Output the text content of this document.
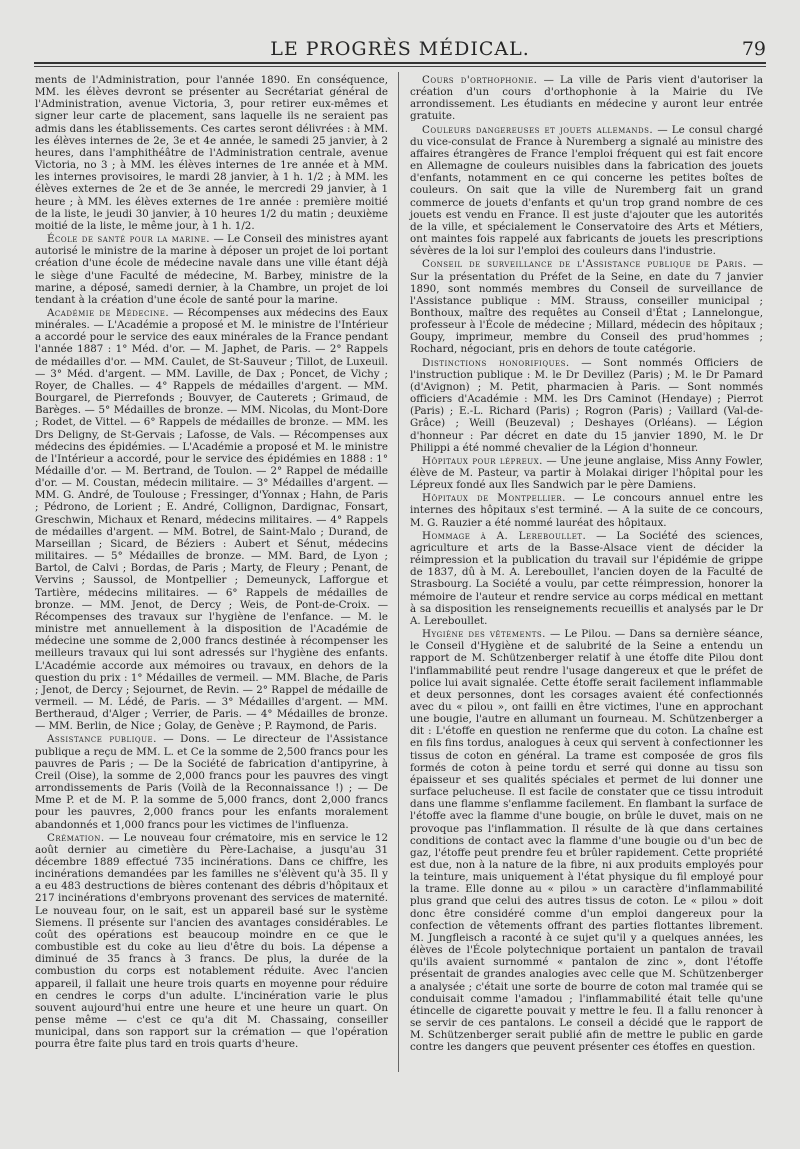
LE PROGRÈS MÉDICAL.	79

ments de l'Administration, pour l'année 1890. En conséquence, MM. les élèves devront se présenter au Secrétariat général de l'Administration, avenue Victoria, 3, pour retirer eux-mêmes et signer leur carte de placement, sans laquelle ils ne seraient pas admis dans les établissements. Ces cartes seront délivrées : à MM. les élèves internes de 2e, 3e et 4e année, le samedi 25 janvier, à 2 heures, dans l'amphithéâtre de l'Administration centrale, avenue Victoria, no 3 ; à MM. les élèves internes de 1re année et à MM. les internes provisoires, le mardi 28 janvier, à 1 h. 1/2 ; à MM. les élèves externes de 2e et de 3e année, le mercredi 29 janvier, à 1 heure ; à MM. les élèves externes de 1re année : première moitié de la liste, le jeudi 30 janvier, à 10 heures 1/2 du matin ; deuxième moitié de la liste, le même jour, à 1 h. 1/2.

École de santé pour la marine. — Le Conseil des ministres ayant autorisé le ministre de la marine à déposer un projet de loi portant création d'une école de médecine navale dans une ville étant déjà le siège d'une Faculté de médecine, M. Barbey, ministre de la marine, a déposé, samedi dernier, à la Chambre, un projet de loi tendant à la création d'une école de santé pour la marine.

Académie de Médecine. — Récompenses aux médecins des Eaux minérales. — L'Académie a proposé et M. le ministre de l'Intérieur a accordé pour le service des eaux minérales de la France pendant l'année 1887 : 1° Méd. d'or. — M. Japhet, de Paris. — 2° Rappels de médailles d'or. — MM. Caulet, de St-Sauveur ; Tillot, de Luxeuil. — 3° Méd. d'argent. — MM. Laville, de Dax ; Poncet, de Vichy ; Royer, de Challes. — 4° Rappels de médailles d'argent. — MM. Bourgarel, de Pierrefonds ; Bouvyer, de Cauterets ; Grimaud, de Barèges. — 5° Médailles de bronze. — MM. Nicolas, du Mont-Dore ; Rodet, de Vittel. — 6° Rappels de médailles de bronze. — MM. les Drs Deligny, de St-Gervais ; Lafosse, de Vals. — Récompenses aux médecins des épidémies. — L'Académie a proposé et M. le ministre de l'Intérieur a accordé, pour le service des épidémies en 1888 : 1° Médaille d'or. — M. Bertrand, de Toulon. — 2° Rappel de médaille d'or. — M. Coustan, médecin militaire. — 3° Médailles d'argent. — MM. G. André, de Toulouse ; Fressinger, d'Yonnax ; Hahn, de Paris ; Pédrono, de Lorient ; E. André, Collignon, Dardignac, Fonsart, Greschwin, Michaux et Renard, médecins militaires. — 4° Rappels de médailles d'argent. — MM. Botrel, de Saint-Malo ; Durand, de Marseillan ; Sicard, de Béziers : Aubert et Sénut, médecins militaires. — 5° Médailles de bronze. — MM. Bard, de Lyon ; Bartol, de Calvi ; Bordas, de Paris ; Marty, de Fleury ; Penant, de Vervins ; Saussol, de Montpellier ; Demeunyck, Lafforgue et Tartière, médecins militaires. — 6° Rappels de médailles de bronze. — MM. Jenot, de Dercy ; Weis, de Pont-de-Croix. — Récompenses des travaux sur l'hygiène de l'enfance. — M. le ministre met annuellement à la disposition de l'Académie de médecine une somme de 2,000 francs destinée à récompenser les meilleurs travaux qui lui sont adressés sur l'hygiène des enfants. L'Académie accorde aux mémoires ou travaux, en dehors de la question du prix : 1° Médailles de vermeil. — MM. Blache, de Paris ; Jenot, de Dercy ; Sejournet, de Revin. — 2° Rappel de médaille de vermeil. — M. Lédé, de Paris. — 3° Médailles d'argent. — MM. Bertheraud, d'Alger ; Verrier, de Paris. — 4° Médailles de bronze. — MM. Berlin, de Nice ; Golay, de Genève ; P. Raymond, de Paris.

Assistance publique. — Dons. — Le directeur de l'Assistance publique a reçu de MM. L. et Ce la somme de 2,500 francs pour les pauvres de Paris ; — De la Société de fabrication d'antipyrine, à Creil (Oise), la somme de 2,000 francs pour les pauvres des vingt arrondissements de Paris (Voilà de la Reconnaissance !) ; — De Mme P. et de M. P. la somme de 5,000 francs, dont 2,000 francs pour les pauvres, 2,000 francs pour les enfants moralement abandonnés et 1,000 francs pour les victimes de l'influenza.

Crémation. — Le nouveau four crématoire, mis en service le 12 août dernier au cimetière du Père-Lachaise, a jusqu'au 31 décembre 1889 effectué 735 incinérations. Dans ce chiffre, les incinérations demandées par les familles ne s'élèvent qu'à 35. Il y a eu 483 destructions de bières contenant des débris d'hôpitaux et 217 incinérations d'embryons provenant des services de maternité. Le nouveau four, on le sait, est un appareil basé sur le système Siemens. Il présente sur l'ancien des avantages considérables. Le coût des opérations est beaucoup moindre en ce que le combustible est du coke au lieu d'être du bois. La dépense a diminué de 35 francs à 3 francs. De plus, la durée de la combustion du corps est notablement réduite. Avec l'ancien appareil, il fallait une heure trois quarts en moyenne pour réduire en cendres le corps d'un adulte. L'incinération varie le plus souvent aujourd'hui entre une heure et une heure un quart. On pense même — c'est ce qu'a dit M. Chassaing, conseiller municipal, dans son rapport sur la crémation — que l'opération pourra être faite plus tard en trois quarts d'heure.

Cours d'orthophonie. — La ville de Paris vient d'autoriser la création d'un cours d'orthophonie à la Mairie du IVe arrondissement. Les étudiants en médecine y auront leur entrée gratuite.

Couleurs dangereuses et jouets allemands. — Le consul chargé du vice-consulat de France à Nuremberg a signalé au ministre des affaires étrangères de France l'emploi fréquent qui est fait encore en Allemagne de couleurs nuisibles dans la fabrication des jouets d'enfants, notamment en ce qui concerne les petites boîtes de couleurs. On sait que la ville de Nuremberg fait un grand commerce de jouets d'enfants et qu'un trop grand nombre de ces jouets est vendu en France. Il est juste d'ajouter que les autorités de la ville, et spécialement le Conservatoire des Arts et Métiers, ont maintes fois rappelé aux fabricants de jouets les prescriptions sévères de la loi sur l'emploi des couleurs dans l'industrie.

Conseil de surveillance de l'Assistance publique de Paris. — Sur la présentation du Préfet de la Seine, en date du 7 janvier 1890, sont nommés membres du Conseil de surveillance de l'Assistance publique : MM. Strauss, conseiller municipal ; Bonthoux, maître des requêtes au Conseil d'État ; Lannelongue, professeur à l'École de médecine ; Millard, médecin des hôpitaux ; Goupy, imprimeur, membre du Conseil des prud'hommes ; Rochard, négociant, pris en dehors de toute catégorie.

Distinctions honorifiques. — Sont nommés Officiers de l'instruction publique : M. le Dr Devillez (Paris) ; M. le Dr Pamard (d'Avignon) ; M. Petit, pharmacien à Paris. — Sont nommés officiers d'Académie : MM. les Drs Caminot (Hendaye) ; Pierrot (Paris) ; E.-L. Richard (Paris) ; Rogron (Paris) ; Vaillard (Val-de-Grâce) ; Weill (Beuzeval) ; Deshayes (Orléans). — Légion d'honneur : Par décret en date du 15 janvier 1890, M. le Dr Philippi a été nommé chevalier de la Légion d'honneur.

Hôpitaux pour lépreux. — Une jeune anglaise, Miss Anny Fowler, élève de M. Pasteur, va partir à Molakai diriger l'hôpital pour les Lépreux fondé aux Iles Sandwich par le père Damiens.

Hôpitaux de Montpellier. — Le concours annuel entre les internes des hôpitaux s'est terminé. — A la suite de ce concours, M. G. Rauzier a été nommé lauréat des hôpitaux.

Hommage à A. Lereboullet. — La Société des sciences, agriculture et arts de la Basse-Alsace vient de décider la réimpression et la publication du travail sur l'épidémie de grippe de 1837, dû à M. A. Lereboullet, l'ancien doyen de la Faculté de Strasbourg. La Société a voulu, par cette réimpression, honorer la mémoire de l'auteur et rendre service au corps médical en mettant à sa disposition les renseignements recueillis et analysés par le Dr A. Lereboullet.

Hygiène des vêtements. — Le Pilou. — Dans sa dernière séance, le Conseil d'Hygiène et de salubrité de la Seine a entendu un rapport de M. Schützenberger relatif à une étoffe dite Pilou dont l'inflammabilité peut rendre l'usage dangereux et que le préfet de police lui avait signalée. Cette étoffe serait facilement inflammable et deux personnes, dont les corsages avaient été confectionnés avec du « pilou », ont failli en être victimes, l'une en approchant une bougie, l'autre en allumant un fourneau. M. Schützenberger a dit : L'étoffe en question ne renferme que du coton. La chaîne est en fils fins tordus, analogues à ceux qui servent à confectionner les tissus de coton en général. La trame est composée de gros fils formés de coton à peine tordu et serré qui donne au tissu son épaisseur et ses qualités spéciales et permet de lui donner une surface pelucheuse. Il est facile de constater que ce tissu introduit dans une flamme s'enflamme facilement. En flambant la surface de l'étoffe avec la flamme d'une bougie, on brûle le duvet, mais on ne provoque pas l'inflammation. Il résulte de là que dans certaines conditions de contact avec la flamme d'une bougie ou d'un bec de gaz, l'étoffe peut prendre feu et brûler rapidement. Cette propriété est due, non à la nature de la fibre, ni aux produits employés pour la teinture, mais uniquement à l'état physique du fil employé pour la trame. Elle donne au « pilou » un caractère d'inflammabilité plus grand que celui des autres tissus de coton. Le « pilou » doit donc être considéré comme d'un emploi dangereux pour la confection de vêtements offrant des parties flottantes librement. M. Jungfleisch a raconté à ce sujet qu'il y a quelques années, les élèves de l'École polytechnique portaient un pantalon de travail qu'ils avaient surnommé « pantalon de zinc », dont l'étoffe présentait de grandes analogies avec celle que M. Schützenberger a analysée ; c'était une sorte de bourre de coton mal tramée qui se conduisait comme l'amadou ; l'inflammabilité était telle qu'une étincelle de cigarette pouvait y mettre le feu. Il a fallu renoncer à se servir de ces pantalons. Le conseil a décidé que le rapport de M. Schützenberger serait publié afin de mettre le public en garde contre les dangers que peuvent présenter ces étoffes en question.
